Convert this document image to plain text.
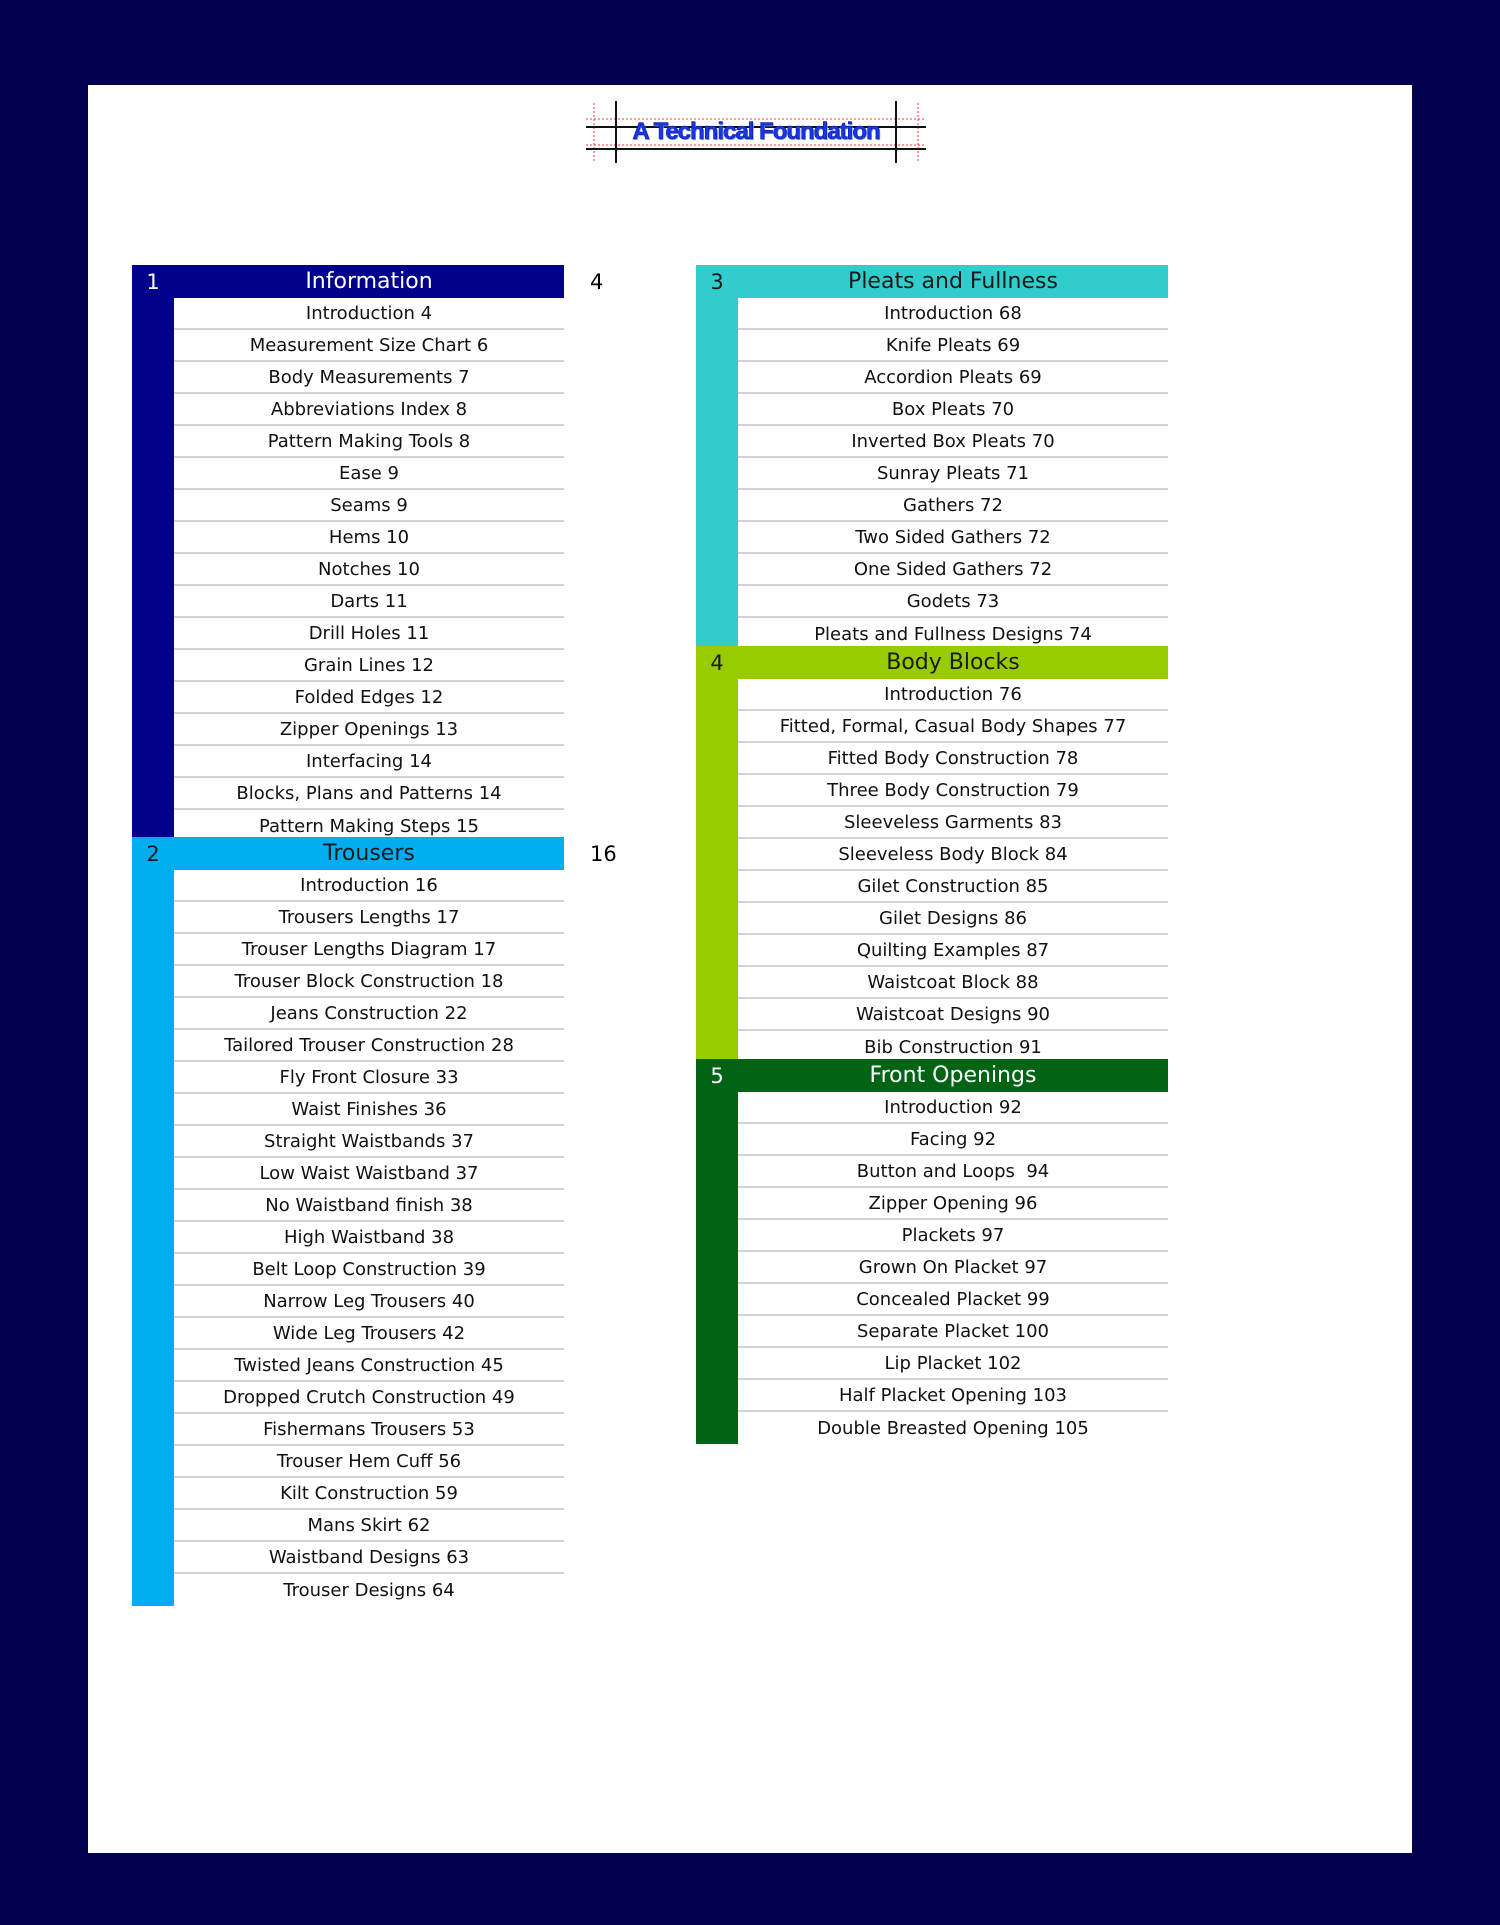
A Technical Foundation
1	Information	4
Introduction 4
Measurement Size Chart 6
Body Measurements 7
Abbreviations Index 8
Pattern Making Tools 8
Ease 9
Seams 9
Hems 10
Notches 10
Darts 11
Drill Holes 11
Grain Lines 12
Folded Edges 12
Zipper Openings 13
Interfacing 14
Blocks, Plans and Patterns 14
Pattern Making Steps 15
2	Trousers	16
Introduction 16
Trousers Lengths 17
Trouser Lengths Diagram 17
Trouser Block Construction 18
Jeans Construction 22
Tailored Trouser Construction 28
Fly Front Closure 33
Waist Finishes 36
Straight Waistbands 37
Low Waist Waistband 37
No Waistband finish 38
High Waistband 38
Belt Loop Construction 39
Narrow Leg Trousers 40
Wide Leg Trousers 42
Twisted Jeans Construction 45
Dropped Crutch Construction 49
Fishermans Trousers 53
Trouser Hem Cuff 56
Kilt Construction 59
Mans Skirt 62
Waistband Designs 63
Trouser Designs 64
3	Pleats and Fullness
Introduction 68
Knife Pleats 69
Accordion Pleats 69
Box Pleats 70
Inverted Box Pleats 70
Sunray Pleats 71
Gathers 72
Two Sided Gathers 72
One Sided Gathers 72
Godets 73
Pleats and Fullness Designs 74
4	Body Blocks
Introduction 76
Fitted, Formal, Casual Body Shapes 77
Fitted Body Construction 78
Three Body Construction 79
Sleeveless Garments 83
Sleeveless Body Block 84
Gilet Construction 85
Gilet Designs 86
Quilting Examples 87
Waistcoat Block 88
Waistcoat Designs 90
Bib Construction 91
5	Front Openings
Introduction 92
Facing 92
Button and Loops  94
Zipper Opening 96
Plackets 97
Grown On Placket 97
Concealed Placket 99
Separate Placket 100
Lip Placket 102
Half Placket Opening 103
Double Breasted Opening 105
